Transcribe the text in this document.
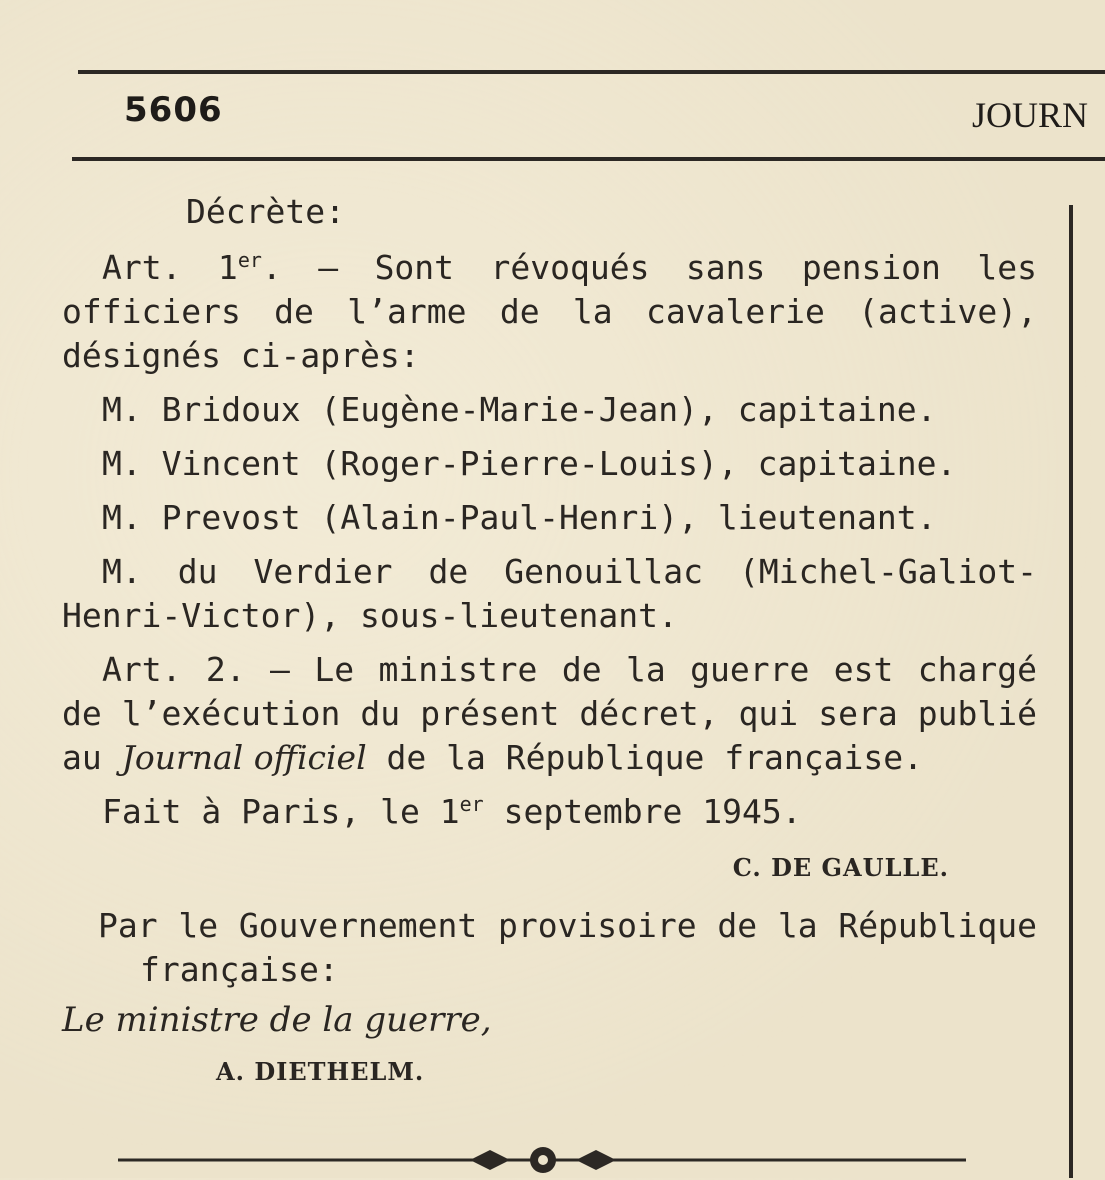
5606	JOURN

Décrète:

Art. 1er. — Sont révoqués sans pension les officiers de l’arme de la cavalerie (active), désignés ci-après:

M. Bridoux (Eugène-Marie-Jean), capitaine.

M. Vincent (Roger-Pierre-Louis), capitaine.

M. Prevost (Alain-Paul-Henri), lieutenant.

M. du Verdier de Genouillac (Michel-Galiot-Henri-Victor), sous-lieutenant.

Art. 2. — Le ministre de la guerre est chargé de l’exécution du présent décret, qui sera publié au Journal officiel de la République française.

Fait à Paris, le 1er septembre 1945.

C. DE GAULLE.

Par le Gouvernement provisoire de la République française:

Le ministre de la guerre,

A. DIETHELM.
